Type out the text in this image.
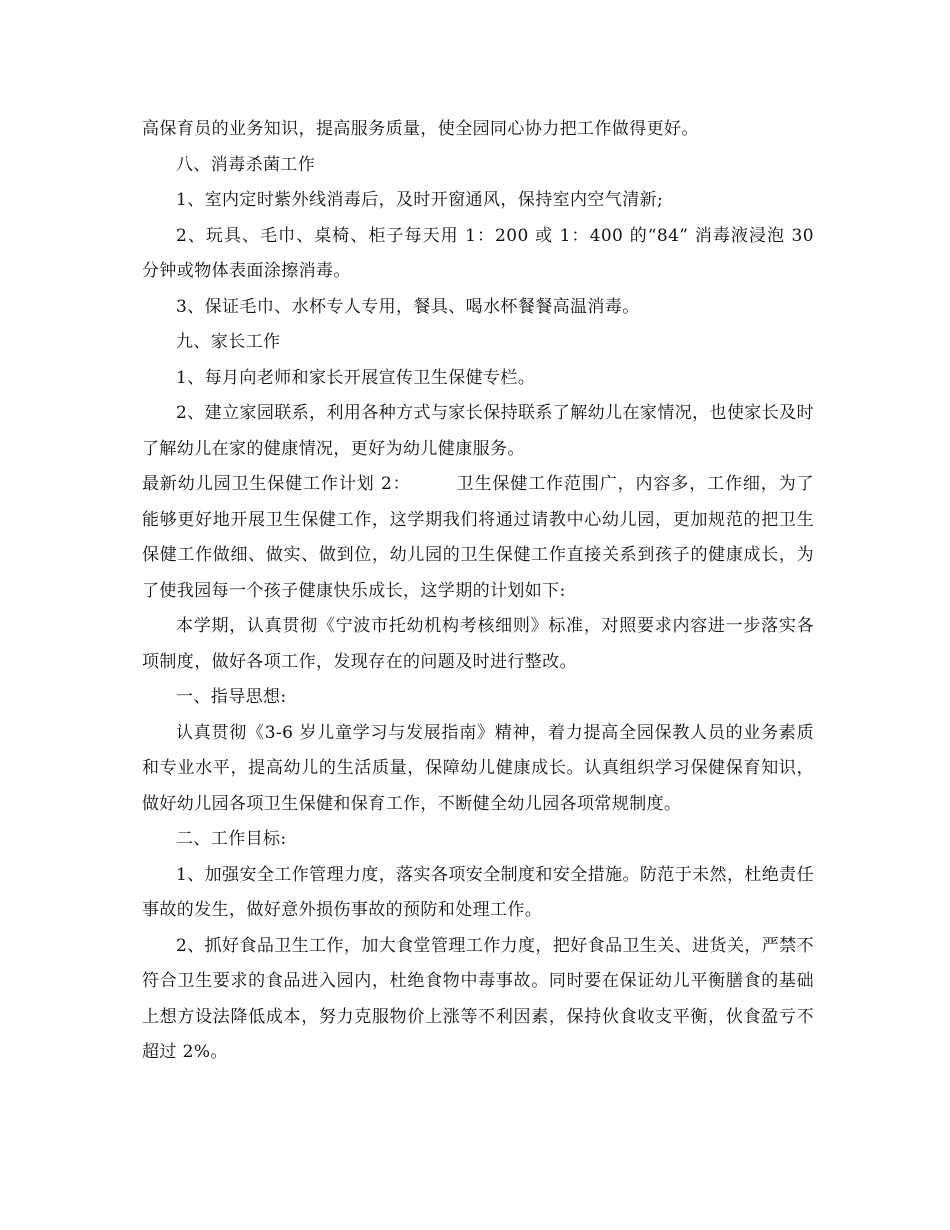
高保育员的业务知识，提高服务质量，使全园同心协力把工作做得更好。

八、消毒杀菌工作

1、室内定时紫外线消毒后，及时开窗通风，保持室内空气清新;

2、玩具、毛巾、桌椅、柜子每天用 1：200 或 1：400 的“84” 消毒液浸泡 30 分钟或物体表面涂擦消毒。

3、保证毛巾、水杯专人专用，餐具、喝水杯餐餐高温消毒。

九、家长工作

1、每月向老师和家长开展宣传卫生保健专栏。

2、建立家园联系，利用各种方式与家长保持联系了解幼儿在家情况，也使家长及时了解幼儿在家的健康情况，更好为幼儿健康服务。

最新幼儿园卫生保健工作计划 2：	卫生保健工作范围广，内容多，工作细，为了能够更好地开展卫生保健工作，这学期我们将通过请教中心幼儿园，更加规范的把卫生保健工作做细、做实、做到位，幼儿园的卫生保健工作直接关系到孩子的健康成长，为了使我园每一个孩子健康快乐成长，这学期的计划如下:

本学期，认真贯彻《宁波市托幼机构考核细则》标准，对照要求内容进一步落实各项制度，做好各项工作，发现存在的问题及时进行整改。

一、指导思想:

认真贯彻《3-6 岁儿童学习与发展指南》精神，着力提高全园保教人员的业务素质和专业水平，提高幼儿的生活质量，保障幼儿健康成长。认真组织学习保健保育知识，做好幼儿园各项卫生保健和保育工作，不断健全幼儿园各项常规制度。

二、工作目标:

1、加强安全工作管理力度，落实各项安全制度和安全措施。防范于未然，杜绝责任事故的发生，做好意外损伤事故的预防和处理工作。

2、抓好食品卫生工作，加大食堂管理工作力度，把好食品卫生关、进货关，严禁不符合卫生要求的食品进入园内，杜绝食物中毒事故。同时要在保证幼儿平衡膳食的基础上想方设法降低成本，努力克服物价上涨等不利因素，保持伙食收支平衡，伙食盈亏不超过 2%。
